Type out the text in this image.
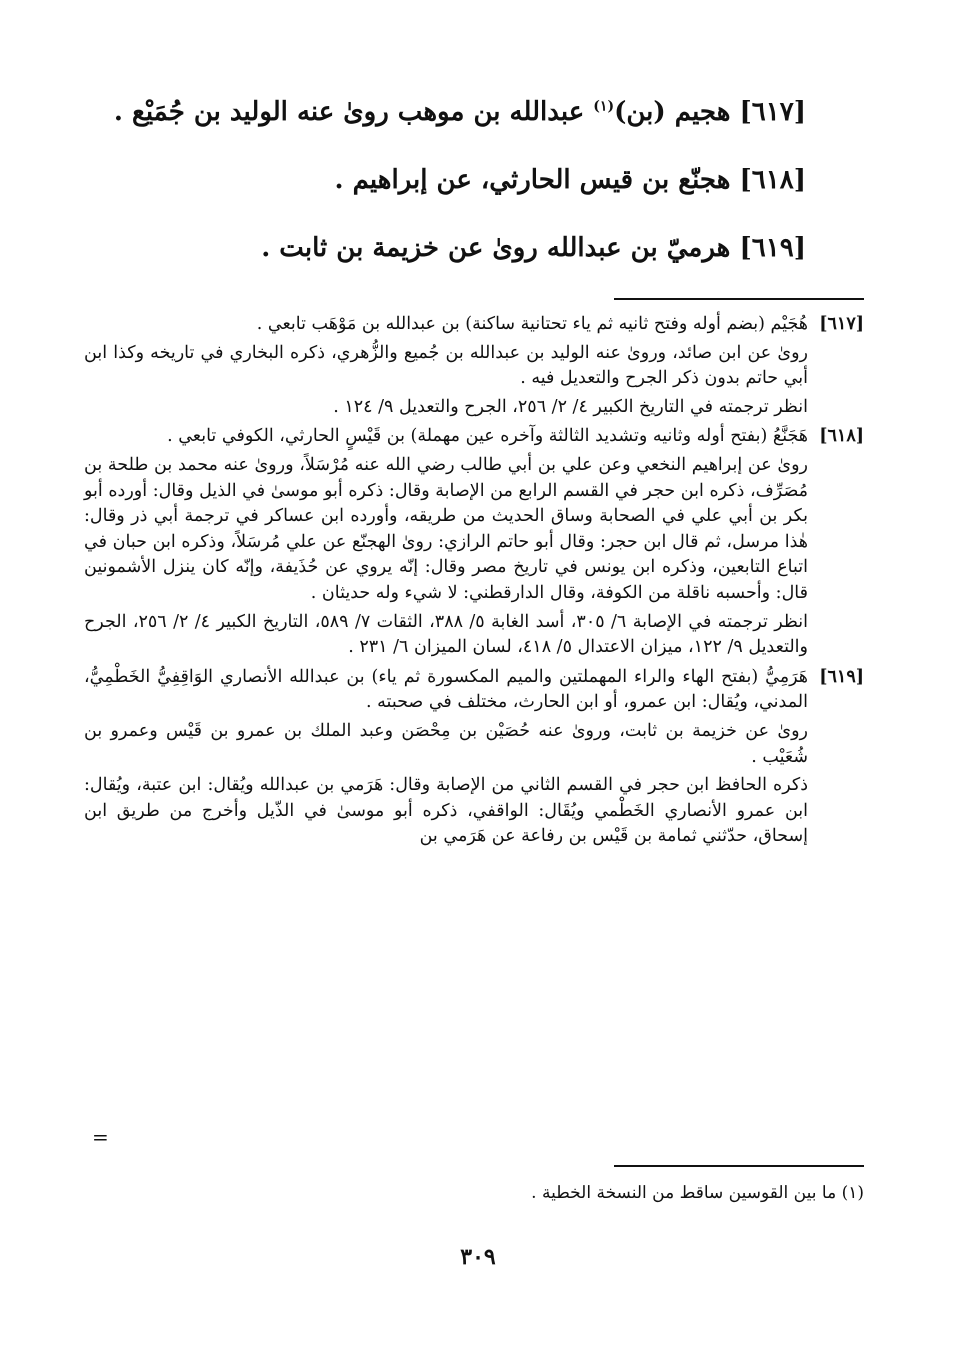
[٦١٧] هجيم (بن)$^{(١)}$ عبدالله بن موهب روىٰ عنه الوليد بن جُمَيْع .
[٦١٨] هجنّع بن قيس الحارثي، عن إبراهيم .
[٦١٩] هرميّ بن عبدالله روىٰ عن خزيمة بن ثابت .
[٦١٧]

هُجَيْم (بضم أوله وفتح ثانيه ثم ياء تحتانية ساكنة) بن عبدالله بن مَوْهَب تابعي .

روىٰ عن ابن صائد، وروىٰ عنه الوليد بن عبدالله بن جُميع والزُّهري، ذكره البخاري في تاريخه وكذا ابن أبي حاتم بدون ذكر الجرح والتعديل فيه .

انظر ترجمته في التاريخ الكبير ٤/ ٢/ ٢٥٦، الجرح والتعديل ٩/ ١٢٤ .

[٦١٨]

هَجَنَّعُ (بفتح أوله وثانيه وتشديد الثالثة وآخره عين مهملة) بن قَيْسٍ الحارثي، الكوفي تابعي .

روىٰ عن إبراهيم النخعي وعن علي بن أبي طالب رضي الله عنه مُرْسَلاً، وروىٰ عنه محمد بن طلحة بن مُصَرِّف، ذكره ابن حجر في القسم الرابع من الإصابة وقال: ذكره أبو موسىٰ في الذيل وقال: أورده أبو بكر بن أبي علي في الصحابة وساق الحديث من طريقه، وأورده ابن عساكر في ترجمة أبي ذر وقال: هٰذا مرسل، ثم قال ابن حجر: وقال أبو حاتم الرازي: روىٰ الهجنّع عن علي مُرسَلاً، وذكره ابن حبان في اتباع التابعين، وذكره ابن يونس في تاريخ مصر وقال: إنّه يروي عن حُذَيفة، وإنّه كان ينزل الأشمونين قال: وأحسبه ناقلة من الكوفة، وقال الدارقطني: لا شيء وله حديثان .

انظر ترجمته في الإصابة ٦/ ٣٠٥، أسد الغابة ٥/ ٣٨٨، الثقات ٧/ ٥٨٩، التاريخ الكبير ٤/ ٢/ ٢٥٦، الجرح والتعديل ٩/ ١٢٢، ميزان الاعتدال ٥/ ٤١٨، لسان الميزان ٦/ ٢٣١ .

[٦١٩]

هَرَمِيُّ (بفتح الهاء والراء المهملتين والميم المكسورة ثم ياء) بن عبدالله الأنصاري الوَاقِفِيُّ الخَطْمِيُّ، المدني، ويُقال: ابن عمرو، أو ابن الحارث، مختلف في صحبته .

روىٰ عن خزيمة بن ثابت، وروىٰ عنه حُصَيْن بن مِحْصَن وعبد الملك بن عمرو بن قَيْس وعمرو بن شُعَيْب .

ذكره الحافظ ابن حجر في القسم الثاني من الإصابة وقال: هَرَمي بن عبدالله ويُقال: ابن عتبة، ويُقال: ابن عمرو الأنصاري الخَطْمي ويُقَال: الواقفي، ذكره أبو موسىٰ في الذّيل وأخرج من طريق ابن إسحاق، حدّثني ثمامة بن قَيْس بن رفاعة عن هَرَمي بن

=
(١) ما بين القوسين ساقط من النسخة الخطية .
٣٠٩
